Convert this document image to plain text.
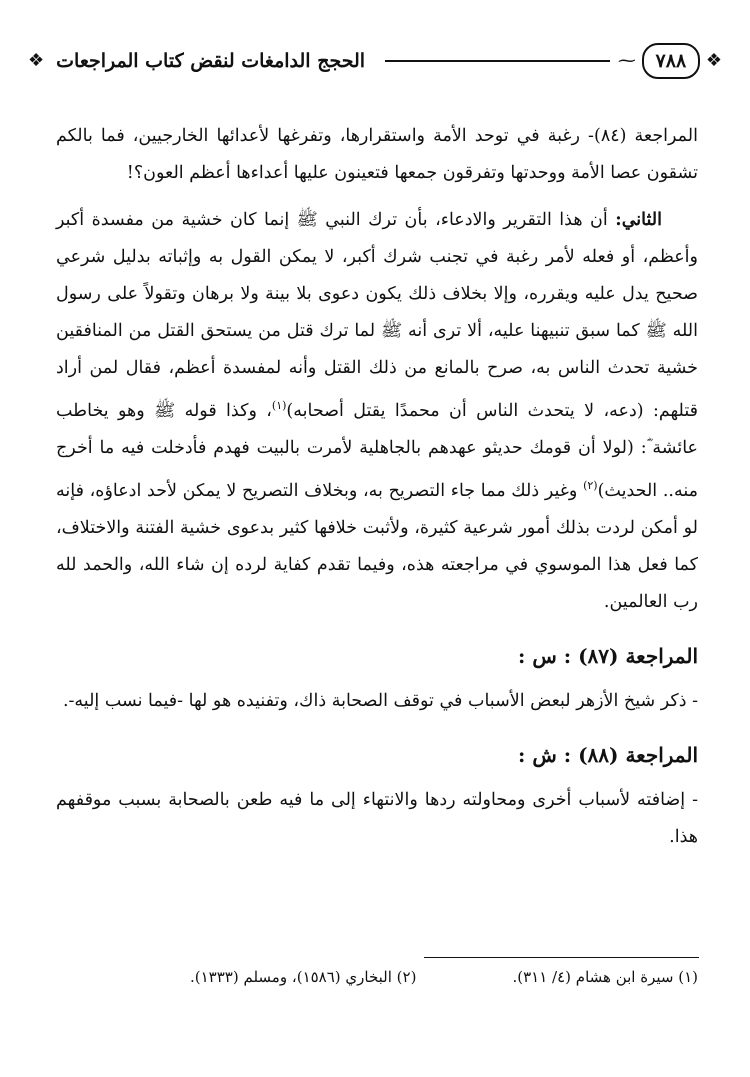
❖
٧٨٨
⁓
الحجج الدامغات لنقض كتاب المراجعات
❖

المراجعة (٨٤)- رغبة في توحد الأمة واستقرارها، وتفرغها لأعدائها الخارجيين، فما بالكم تشقون عصا الأمة ووحدتها وتفرقون جمعها فتعينون عليها أعداءها أعظم العون؟!

الثاني: أن هذا التقرير والادعاء، بأن ترك النبي ﷺ إنما كان خشية من مفسدة أكبر وأعظم، أو فعله لأمر رغبة في تجنب شرك أكبر، لا يمكن القول به وإثباته بدليل شرعي صحيح يدل عليه ويقرره، وإلا بخلاف ذلك يكون دعوى بلا بينة ولا برهان وتقولاً على رسول الله ﷺ كما سبق تنبيهنا عليه، ألا ترى أنه ﷺ لما ترك قتل من يستحق القتل من المنافقين خشية تحدث الناس به، صرح بالمانع من ذلك القتل وأنه لمفسدة أعظم، فقال لمن أراد قتلهم: (دعه، لا يتحدث الناس أن محمدًا يقتل أصحابه)$^{(١)}$، وكذا قوله ﷺ وهو يخاطب عائشة ؓ: (لولا أن قومك حديثو عهدهم بالجاهلية لأمرت بالبيت فهدم فأدخلت فيه ما أخرج منه.. الحديث)$^{(٢)}$ وغير ذلك مما جاء التصريح به، وبخلاف التصريح لا يمكن لأحد ادعاؤه، فإنه لو أمكن لردت بذلك أمور شرعية كثيرة، ولأثبت خلافها كثير بدعوى خشية الفتنة والاختلاف، كما فعل هذا الموسوي في مراجعته هذه، وفيما تقدم كفاية لرده إن شاء الله، والحمد لله رب العالمين.

المراجعة (٨٧) : س :

- ذكر شيخ الأزهر لبعض الأسباب في توقف الصحابة ذاك، وتفنيده هو لها -فيما نسب إليه-.

المراجعة (٨٨) : ش :

- إضافته لأسباب أخرى ومحاولته ردها والانتهاء إلى ما فيه طعن بالصحابة بسبب موقفهم هذا.

(١) سيرة ابن هشام (٤/ ٣١١).
(٢) البخاري (١٥٨٦)، ومسلم (١٣٣٣).
